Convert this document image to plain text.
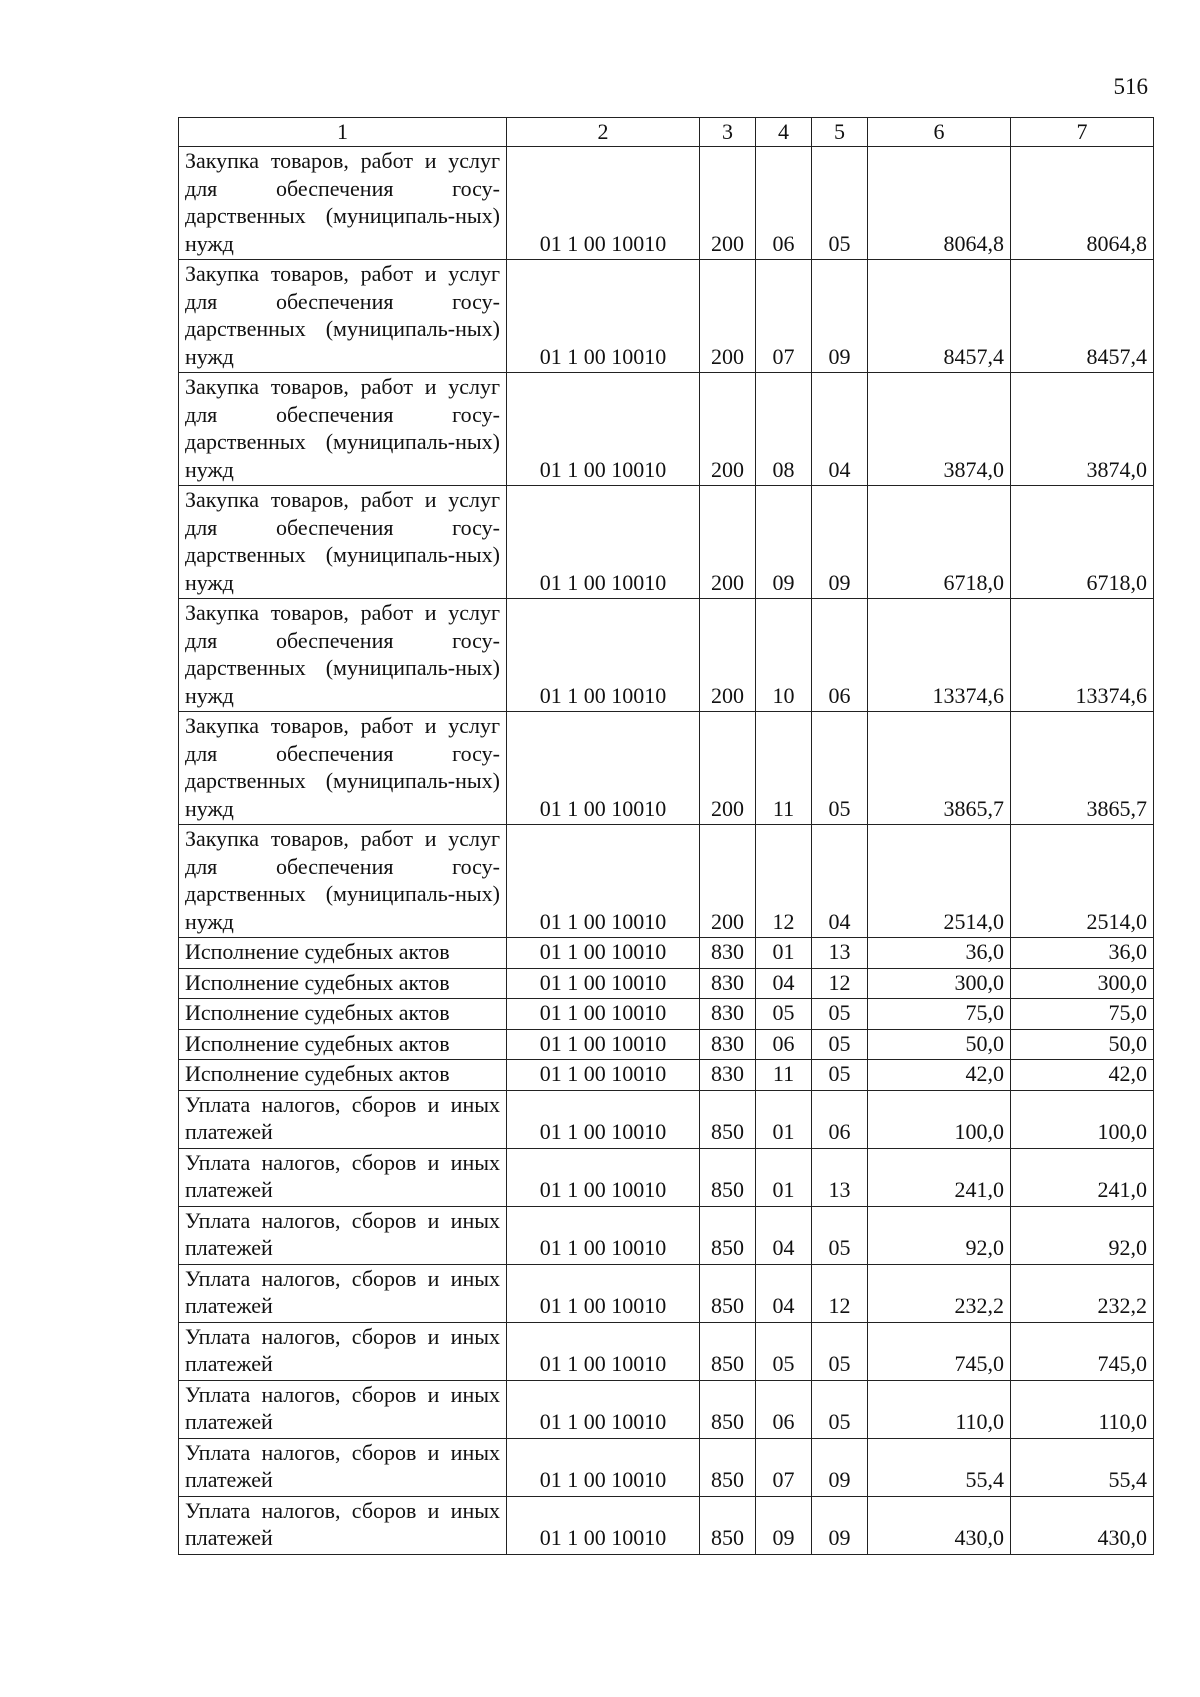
516
1	2	3	4	5	6	7
Закупка товаров, работ и услуг для обеспечения госу-дарственных (муниципаль-ных) нужд	01 1 00 10010	200	06	05	8064,8	8064,8
Закупка товаров, работ и услуг для обеспечения госу-дарственных (муниципаль-ных) нужд	01 1 00 10010	200	07	09	8457,4	8457,4
Закупка товаров, работ и услуг для обеспечения госу-дарственных (муниципаль-ных) нужд	01 1 00 10010	200	08	04	3874,0	3874,0
Закупка товаров, работ и услуг для обеспечения госу-дарственных (муниципаль-ных) нужд	01 1 00 10010	200	09	09	6718,0	6718,0
Закупка товаров, работ и услуг для обеспечения госу-дарственных (муниципаль-ных) нужд	01 1 00 10010	200	10	06	13374,6	13374,6
Закупка товаров, работ и услуг для обеспечения госу-дарственных (муниципаль-ных) нужд	01 1 00 10010	200	11	05	3865,7	3865,7
Закупка товаров, работ и услуг для обеспечения госу-дарственных (муниципаль-ных) нужд	01 1 00 10010	200	12	04	2514,0	2514,0
Исполнение судебных актов	01 1 00 10010	830	01	13	36,0	36,0
Исполнение судебных актов	01 1 00 10010	830	04	12	300,0	300,0
Исполнение судебных актов	01 1 00 10010	830	05	05	75,0	75,0
Исполнение судебных актов	01 1 00 10010	830	06	05	50,0	50,0
Исполнение судебных актов	01 1 00 10010	830	11	05	42,0	42,0
Уплата налогов, сборов и иных платежей	01 1 00 10010	850	01	06	100,0	100,0
Уплата налогов, сборов и иных платежей	01 1 00 10010	850	01	13	241,0	241,0
Уплата налогов, сборов и иных платежей	01 1 00 10010	850	04	05	92,0	92,0
Уплата налогов, сборов и иных платежей	01 1 00 10010	850	04	12	232,2	232,2
Уплата налогов, сборов и иных платежей	01 1 00 10010	850	05	05	745,0	745,0
Уплата налогов, сборов и иных платежей	01 1 00 10010	850	06	05	110,0	110,0
Уплата налогов, сборов и иных платежей	01 1 00 10010	850	07	09	55,4	55,4
Уплата налогов, сборов и иных платежей	01 1 00 10010	850	09	09	430,0	430,0
